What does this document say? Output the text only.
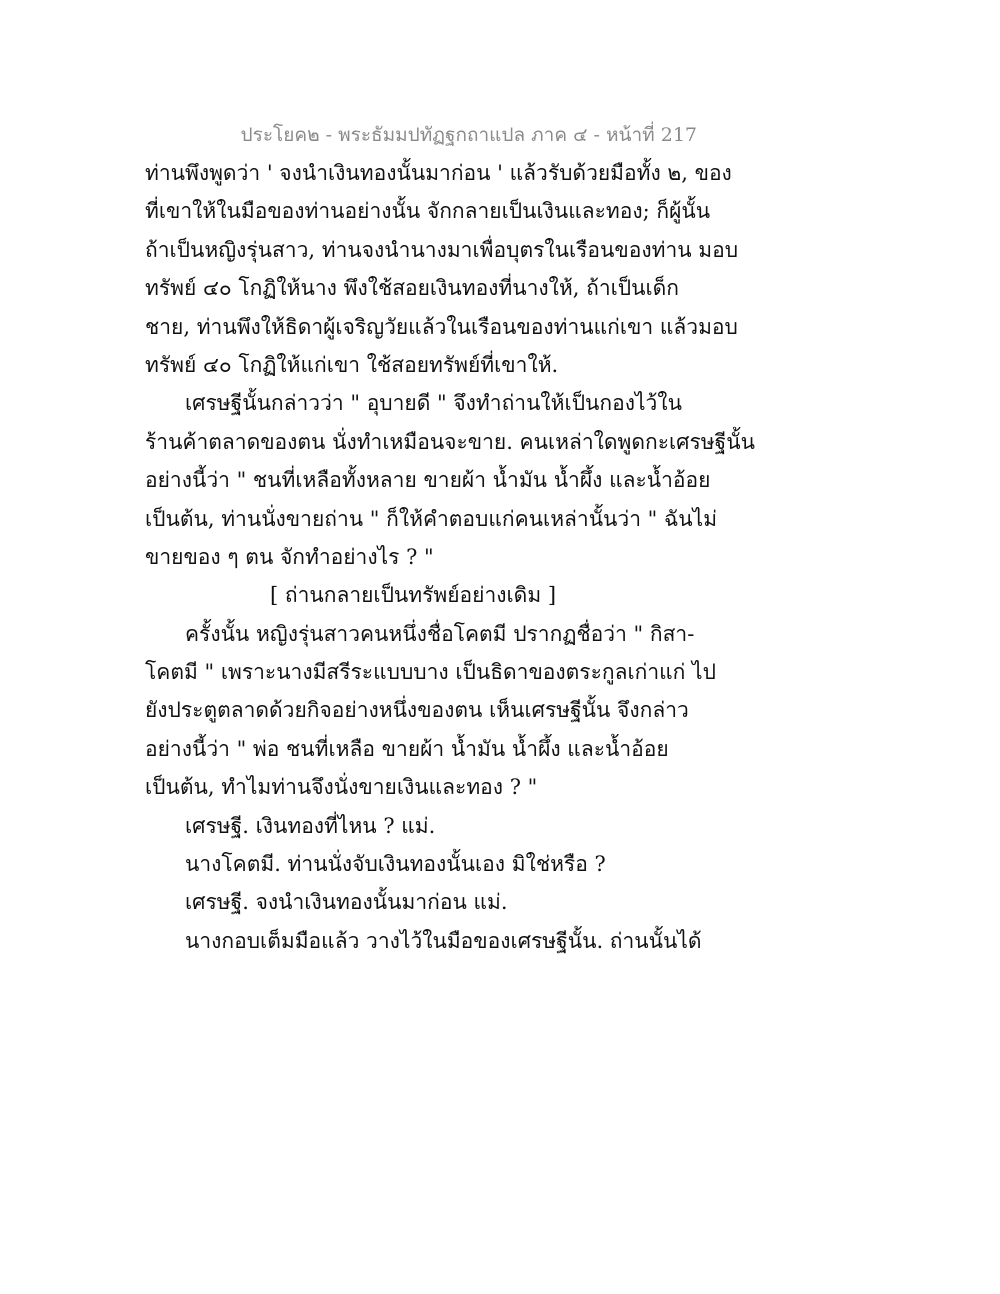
ประโยค๒ - พระธัมมปทัฏฐกถาแปล ภาค ๔ - หน้าที่ 217
ท่านพึงพูดว่า ' จงนำเงินทองนั้นมาก่อน ' แล้วรับด้วยมือทั้ง ๒, ของ
ที่เขาให้ในมือของท่านอย่างนั้น จักกลายเป็นเงินและทอง; ก็ผู้นั้น
ถ้าเป็นหญิงรุ่นสาว, ท่านจงนำนางมาเพื่อบุตรในเรือนของท่าน มอบ
ทรัพย์ ๔๐ โกฏิให้นาง พึงใช้สอยเงินทองที่นางให้, ถ้าเป็นเด็ก
ชาย, ท่านพึงให้ธิดาผู้เจริญวัยแล้วในเรือนของท่านแก่เขา แล้วมอบ
ทรัพย์ ๔๐ โกฏิให้แก่เขา ใช้สอยทรัพย์ที่เขาให้.
เศรษฐีนั้นกล่าวว่า " อุบายดี " จึงทำถ่านให้เป็นกองไว้ใน
ร้านค้าตลาดของตน นั่งทำเหมือนจะขาย. คนเหล่าใดพูดกะเศรษฐีนั้น
อย่างนี้ว่า " ชนที่เหลือทั้งหลาย ขายผ้า น้ำมัน น้ำผึ้ง และน้ำอ้อย
เป็นต้น, ท่านนั่งขายถ่าน " ก็ให้คำตอบแก่คนเหล่านั้นว่า " ฉันไม่
ขายของ ๆ ตน จักทำอย่างไร ? "
[ ถ่านกลายเป็นทรัพย์อย่างเดิม ]
ครั้งนั้น หญิงรุ่นสาวคนหนึ่งชื่อโคตมี ปรากฏชื่อว่า " กิสา-
โคตมี " เพราะนางมีสรีระแบบบาง เป็นธิดาของตระกูลเก่าแก่ ไป
ยังประตูตลาดด้วยกิจอย่างหนึ่งของตน เห็นเศรษฐีนั้น จึงกล่าว
อย่างนี้ว่า " พ่อ ชนที่เหลือ ขายผ้า น้ำมัน น้ำผึ้ง และน้ำอ้อย
เป็นต้น, ทำไมท่านจึงนั่งขายเงินและทอง ? "
เศรษฐี. เงินทองที่ไหน ? แม่.
นางโคตมี. ท่านนั่งจับเงินทองนั้นเอง มิใช่หรือ ?
เศรษฐี. จงนำเงินทองนั้นมาก่อน แม่.
นางกอบเต็มมือแล้ว วางไว้ในมือของเศรษฐีนั้น. ถ่านนั้นได้
